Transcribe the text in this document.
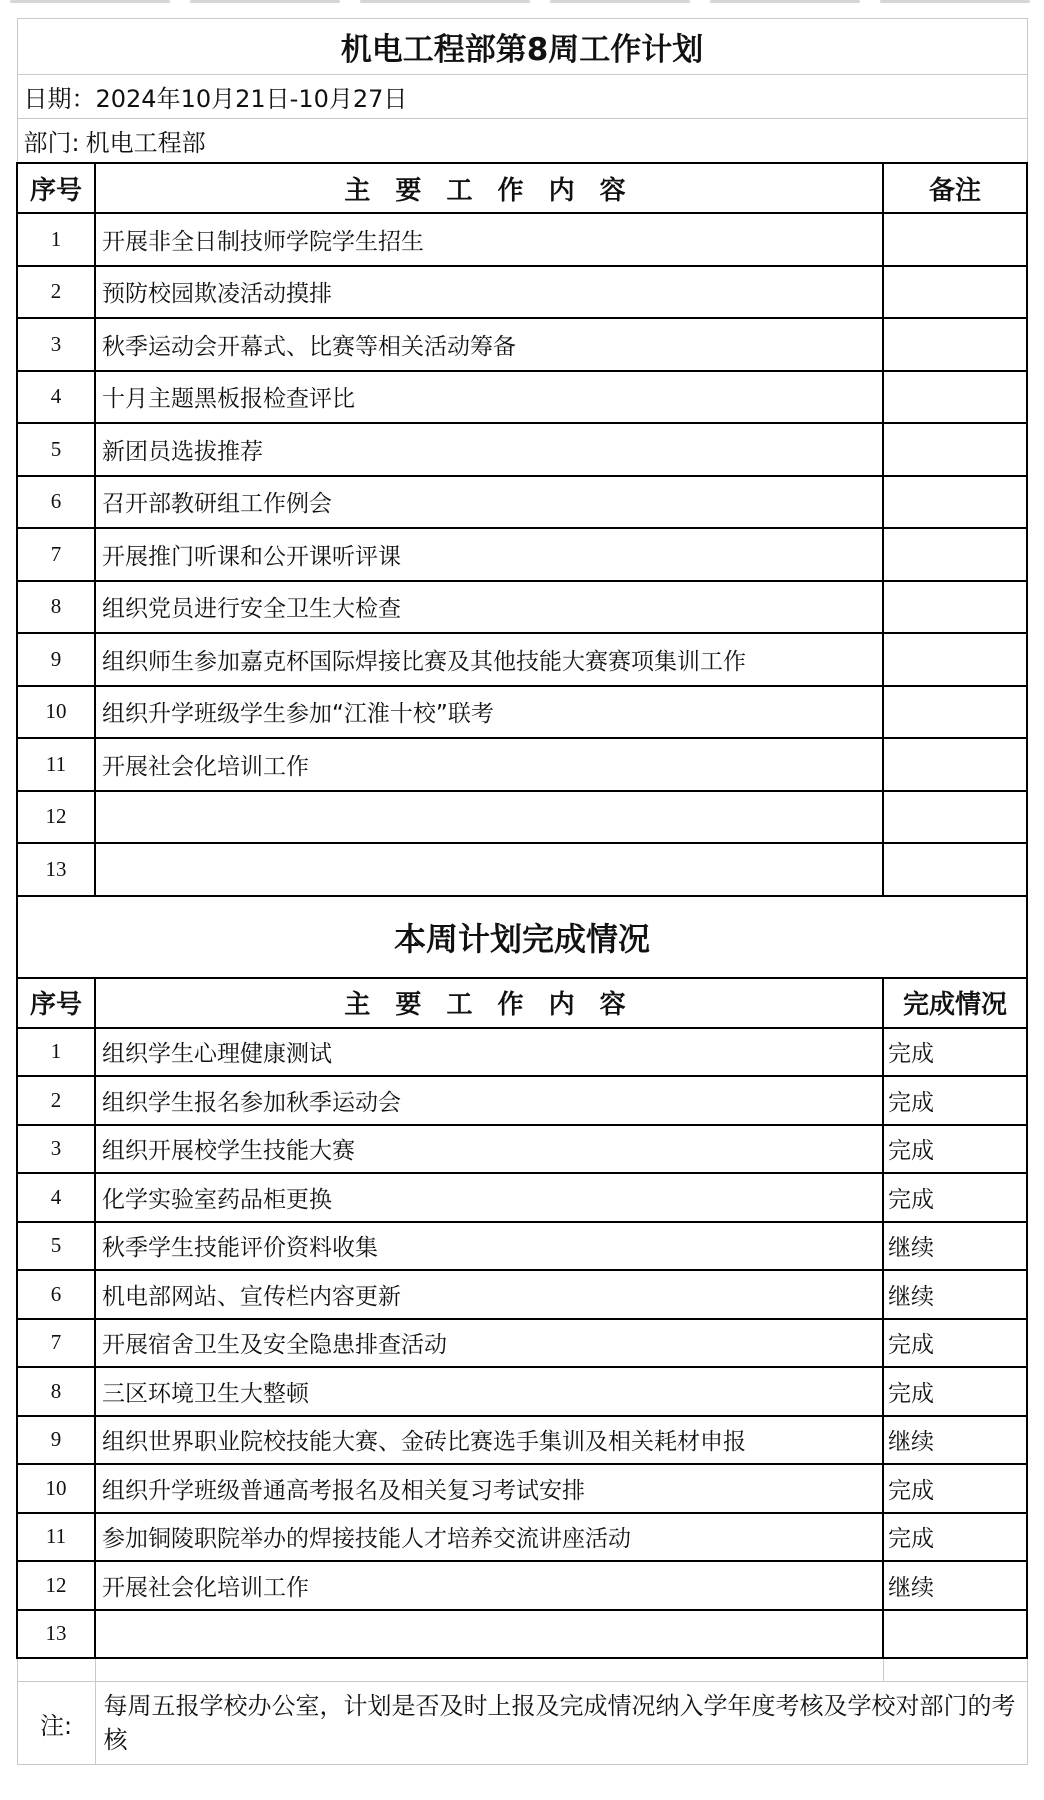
机电工程部第8周工作计划		
日期：2024年10月21日-10月27日		
部门: 机电工程部		
序号	主 要 工 作 内 容	备注
1	开展非全日制技师学院学生招生	
2	预防校园欺凌活动摸排	
3	秋季运动会开幕式、比赛等相关活动筹备	
4	十月主题黑板报检查评比	
5	新团员选拔推荐	
6	召开部教研组工作例会	
7	开展推门听课和公开课听评课	
8	组织党员进行安全卫生大检查	
9	组织师生参加嘉克杯国际焊接比赛及其他技能大赛赛项集训工作	
10	组织升学班级学生参加“江淮十校”联考	
11	开展社会化培训工作	
12		
13		
本周计划完成情况		
序号	主 要 工 作 内 容	完成情况
1	组织学生心理健康测试	完成
2	组织学生报名参加秋季运动会	完成
3	组织开展校学生技能大赛	完成
4	化学实验室药品柜更换	完成
5	秋季学生技能评价资料收集	继续
6	机电部网站、宣传栏内容更新	继续
7	开展宿舍卫生及安全隐患排查活动	完成
8	三区环境卫生大整顿	完成
9	组织世界职业院校技能大赛、金砖比赛选手集训及相关耗材申报	继续
10	组织升学班级普通高考报名及相关复习考试安排	完成
11	参加铜陵职院举办的焊接技能人才培养交流讲座活动	完成
12	开展社会化培训工作	继续
13		

注:	每周五报学校办公室，计划是否及时上报及完成情况纳入学年度考核及学校对部门的考核	
